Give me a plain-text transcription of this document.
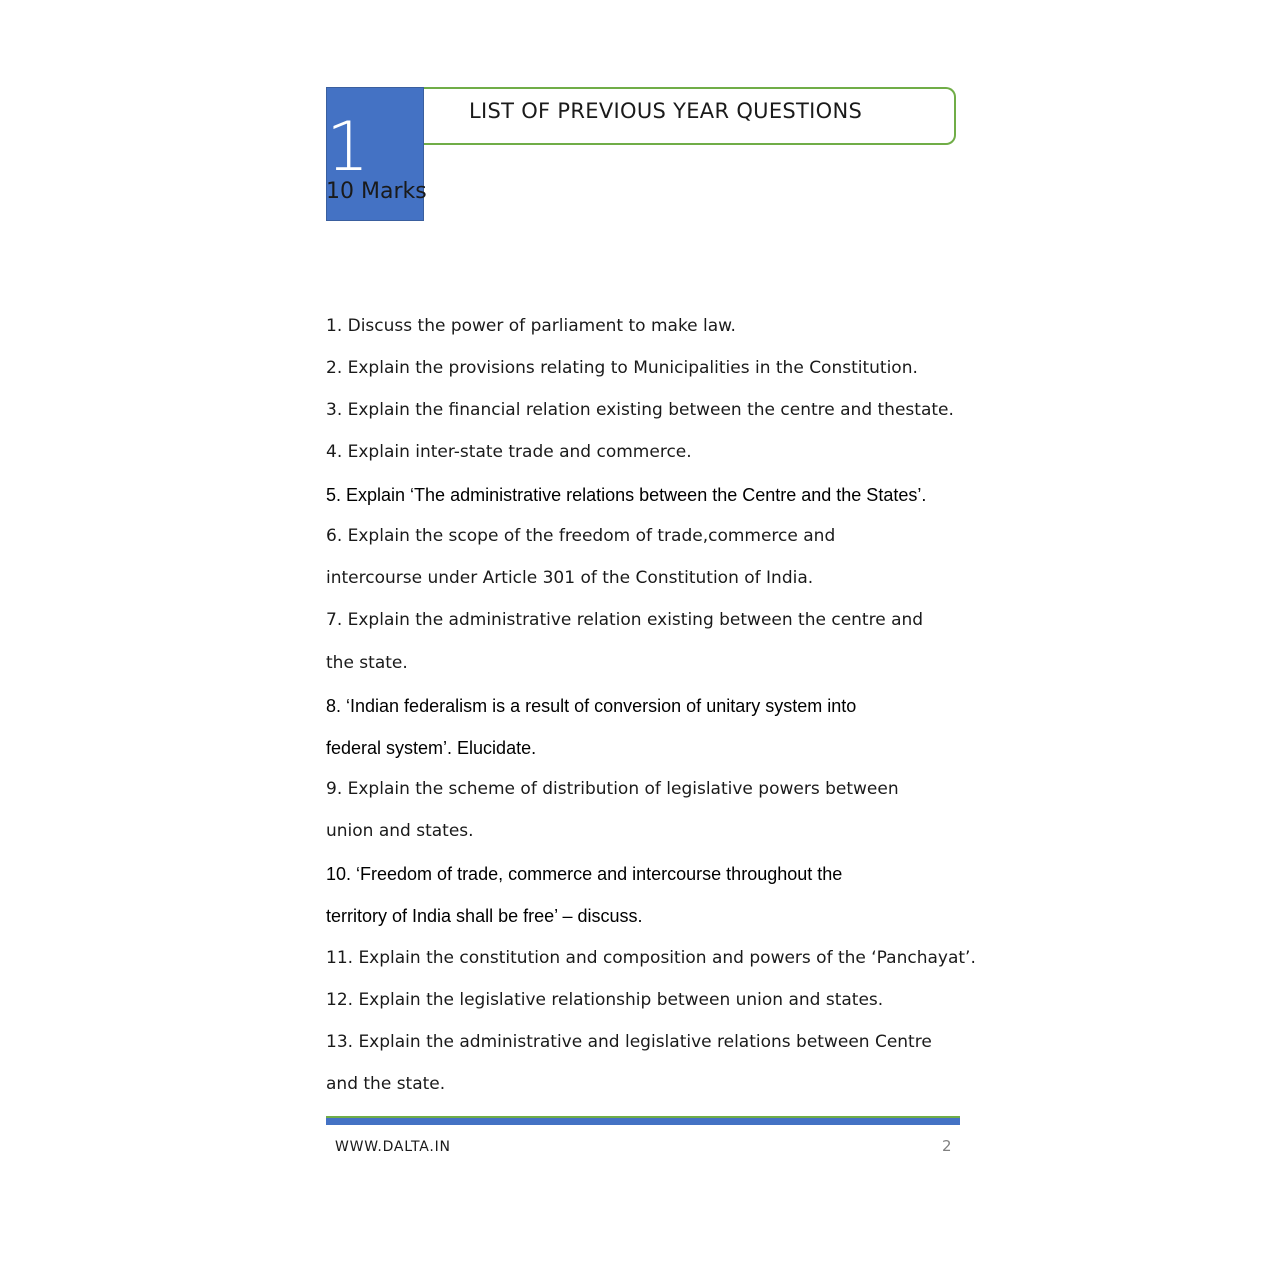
1
10 Marks
LIST OF PREVIOUS YEAR QUESTIONS
1. Discuss the power of parliament to make law.
2. Explain the provisions relating to Municipalities in the Constitution.
3. Explain the financial relation existing between the centre and thestate.
4. Explain inter-state trade and commerce.
5. Explain ‘The administrative relations between the Centre and the States’.
6. Explain the scope of the freedom of trade,commerce and
intercourse under Article 301 of the Constitution of India.
7. Explain the administrative relation existing between the centre and
the state.
8. ‘Indian federalism is a result of conversion of unitary system into
federal system’. Elucidate.
9. Explain the scheme of distribution of legislative powers between
union and states.
10. ‘Freedom of trade, commerce and intercourse throughout the
territory of India shall be free’ – discuss.
11. Explain the constitution and composition and powers of the ‘Panchayat’.
12. Explain the legislative relationship between union and states.
13. Explain the administrative and legislative relations between Centre
and the state.
WWW.DALTA.IN	2
